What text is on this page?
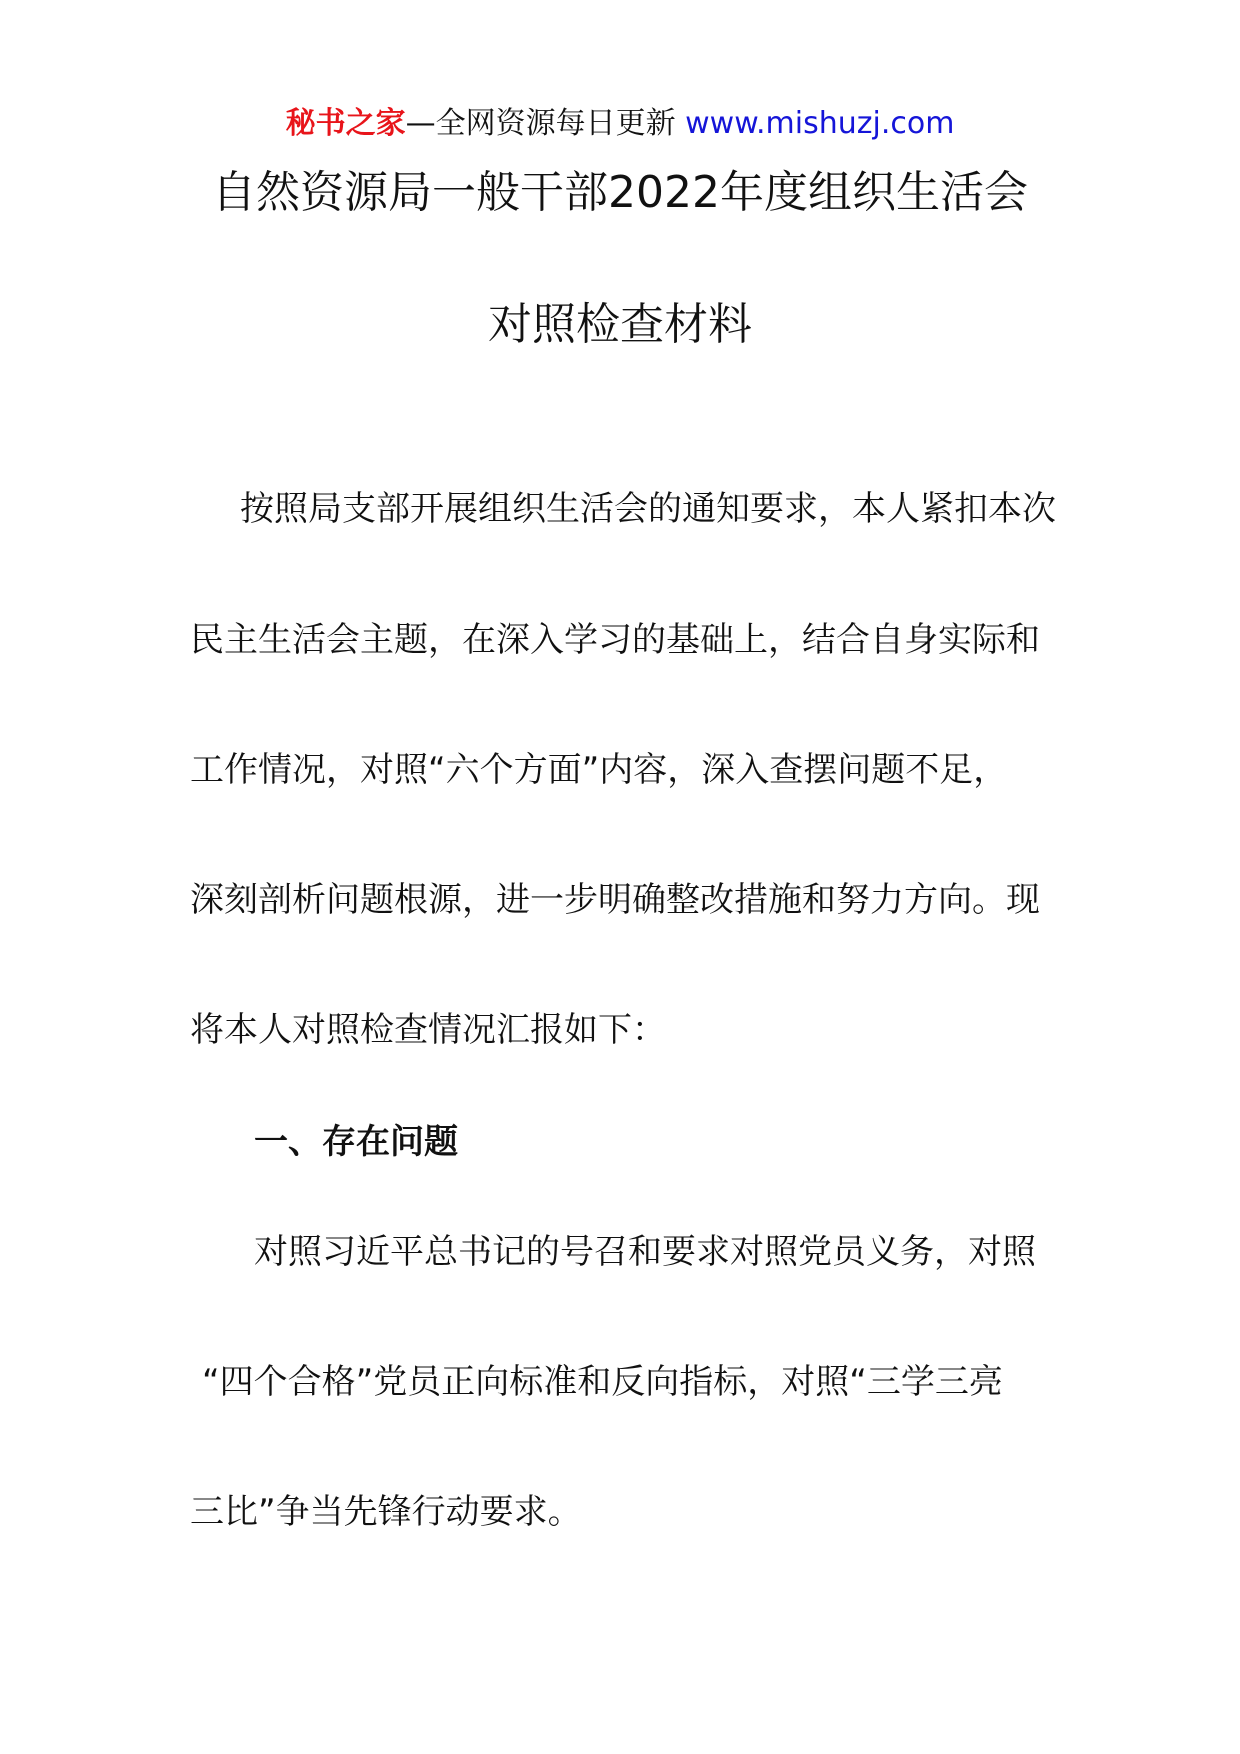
秘书之家—全网资源每日更新 www.mishuzj.com
自然资源局一般干部2022年度组织生活会
对照检查材料
按照局支部开展组织生活会的通知要求，本人紧扣本次
民主生活会主题，在深入学习的基础上，结合自身实际和
工作情况，对照“六个方面”内容，深入查摆问题不足，
深刻剖析问题根源，进一步明确整改措施和努力方向。现
将本人对照检查情况汇报如下：
一、存在问题
对照习近平总书记的号召和要求对照党员义务，对照
“四个合格”党员正向标准和反向指标，对照“三学三亮
三比”争当先锋行动要求。
